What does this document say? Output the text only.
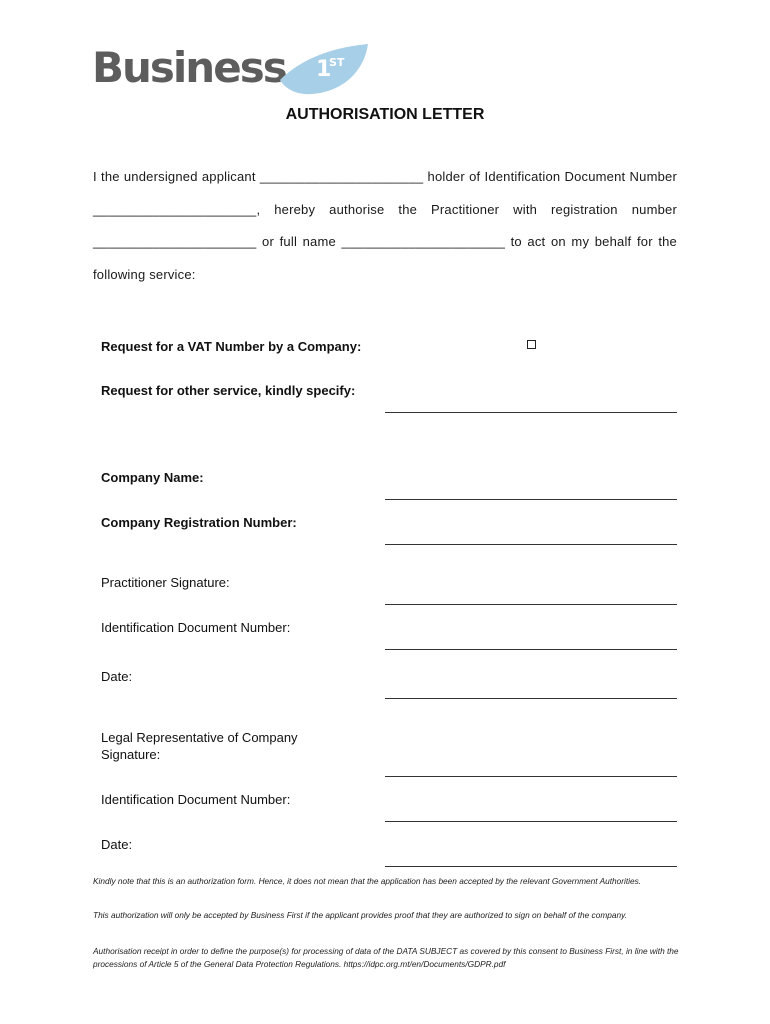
Business 1
ST
AUTHORISATION LETTER
I the undersigned applicant ______________________ holder of Identification Document Number
______________________, hereby authorise the Practitioner with registration number
______________________ or full name ______________________ to act on my behalf for the
following service:
Request for a VAT Number by a Company:
Request for other service, kindly specify:
Company Name:
Company Registration Number:
Practitioner Signature:
Identification Document Number:
Date:
Legal Representative of Company
Signature:
Identification Document Number:
Date:
Kindly note that this is an authorization form. Hence, it does not mean that the application has been accepted by the relevant Government Authorities.
This authorization will only be accepted by Business First if the applicant provides proof that they are authorized to sign on behalf of the company.
Authorisation receipt in order to define the purpose(s) for processing of data of the DATA SUBJECT as covered by this consent to Business First, in line with the processions of Article 5 of the General Data Protection Regulations. https://idpc.org.mt/en/Documents/GDPR.pdf
